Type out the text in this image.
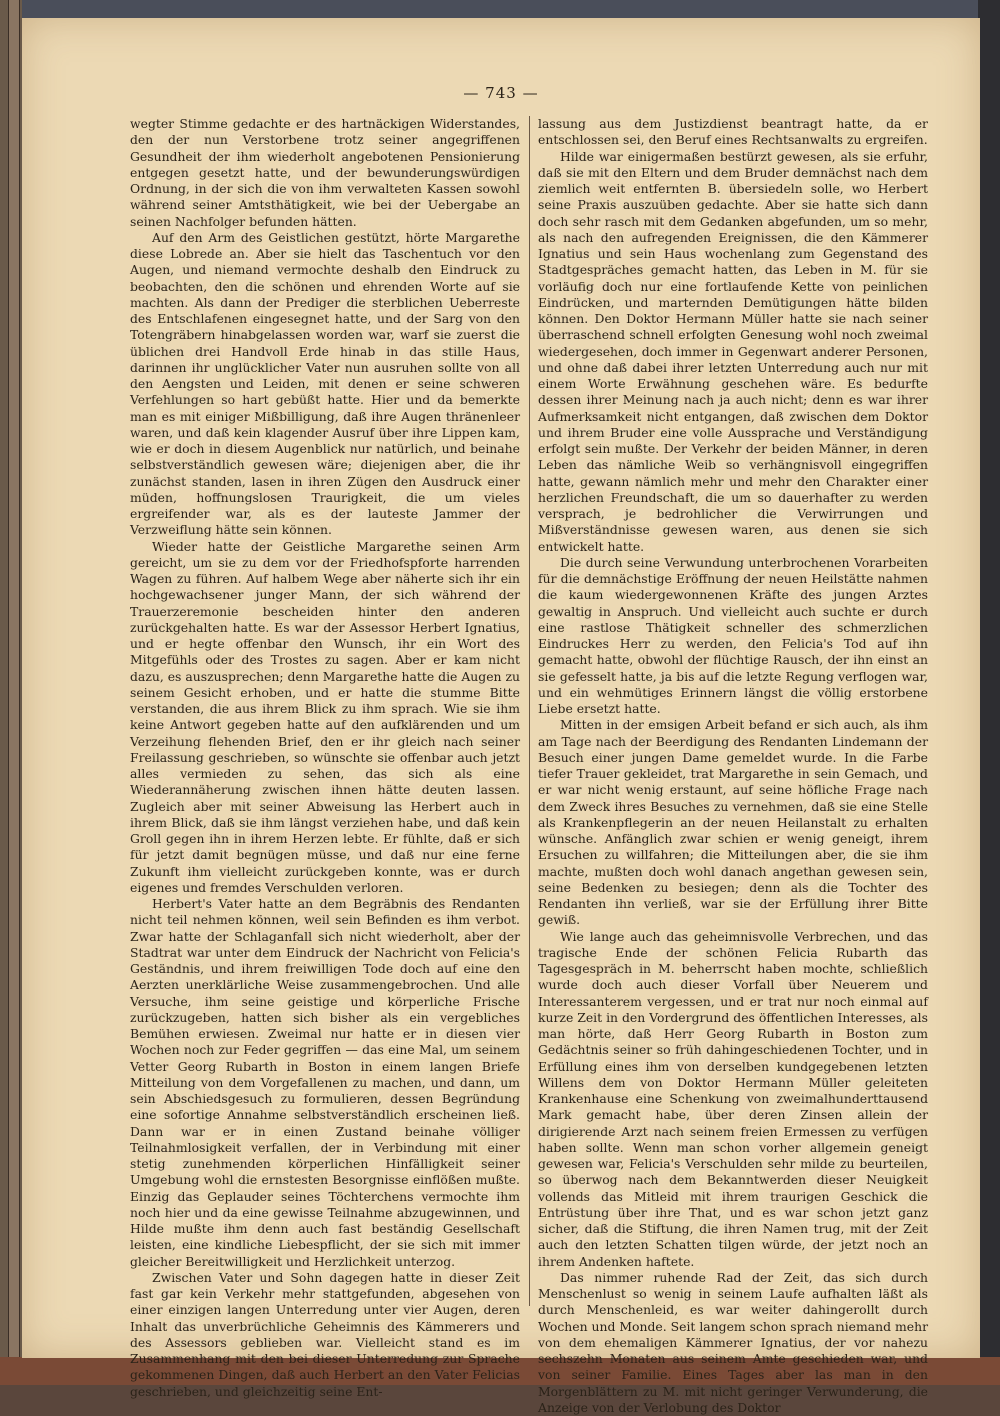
— 743 —

wegter Stimme gedachte er des hartnäckigen Widerstandes, den der nun Verstorbene trotz seiner angegriffenen Gesundheit der ihm wiederholt angebotenen Pensionierung entgegen gesetzt hatte, und der bewunderungswürdigen Ordnung, in der sich die von ihm verwalteten Kassen sowohl während seiner Amtsthätigkeit, wie bei der Uebergabe an seinen Nachfolger befunden hätten.

Auf den Arm des Geistlichen gestützt, hörte Margarethe diese Lobrede an. Aber sie hielt das Taschentuch vor den Augen, und niemand vermochte deshalb den Eindruck zu beobachten, den die schönen und ehrenden Worte auf sie machten. Als dann der Prediger die sterblichen Ueberreste des Entschlafenen eingesegnet hatte, und der Sarg von den Totengräbern hinabgelassen worden war, warf sie zuerst die üblichen drei Handvoll Erde hinab in das stille Haus, darinnen ihr unglücklicher Vater nun ausruhen sollte von all den Aengsten und Leiden, mit denen er seine schweren Verfehlungen so hart gebüßt hatte. Hier und da bemerkte man es mit einiger Mißbilligung, daß ihre Augen thränenleer waren, und daß kein klagender Ausruf über ihre Lippen kam, wie er doch in diesem Augenblick nur natürlich, und beinahe selbstverständlich gewesen wäre; diejenigen aber, die ihr zunächst standen, lasen in ihren Zügen den Ausdruck einer müden, hoffnungslosen Traurigkeit, die um vieles ergreifender war, als es der lauteste Jammer der Verzweiflung hätte sein können.

Wieder hatte der Geistliche Margarethe seinen Arm gereicht, um sie zu dem vor der Friedhofspforte harrenden Wagen zu führen. Auf halbem Wege aber näherte sich ihr ein hochgewachsener junger Mann, der sich während der Trauerzeremonie bescheiden hinter den anderen zurückgehalten hatte. Es war der Assessor Herbert Ignatius, und er hegte offenbar den Wunsch, ihr ein Wort des Mitgefühls oder des Trostes zu sagen. Aber er kam nicht dazu, es auszusprechen; denn Margarethe hatte die Augen zu seinem Gesicht erhoben, und er hatte die stumme Bitte verstanden, die aus ihrem Blick zu ihm sprach. Wie sie ihm keine Antwort gegeben hatte auf den aufklärenden und um Verzeihung flehenden Brief, den er ihr gleich nach seiner Freilassung geschrieben, so wünschte sie offenbar auch jetzt alles vermieden zu sehen, das sich als eine Wiederannäherung zwischen ihnen hätte deuten lassen. Zugleich aber mit seiner Abweisung las Herbert auch in ihrem Blick, daß sie ihm längst verziehen habe, und daß kein Groll gegen ihn in ihrem Herzen lebte. Er fühlte, daß er sich für jetzt damit begnügen müsse, und daß nur eine ferne Zukunft ihm vielleicht zurückgeben konnte, was er durch eigenes und fremdes Verschulden verloren.

Herbert's Vater hatte an dem Begräbnis des Rendanten nicht teil nehmen können, weil sein Befinden es ihm verbot. Zwar hatte der Schlaganfall sich nicht wiederholt, aber der Stadtrat war unter dem Eindruck der Nachricht von Felicia's Geständnis, und ihrem freiwilligen Tode doch auf eine den Aerzten unerklärliche Weise zusammengebrochen. Und alle Versuche, ihm seine geistige und körperliche Frische zurückzugeben, hatten sich bisher als ein vergebliches Bemühen erwiesen. Zweimal nur hatte er in diesen vier Wochen noch zur Feder gegriffen — das eine Mal, um seinem Vetter Georg Rubarth in Boston in einem langen Briefe Mitteilung von dem Vorgefallenen zu machen, und dann, um sein Abschiedsgesuch zu formulieren, dessen Begründung eine sofortige Annahme selbstverständlich erscheinen ließ. Dann war er in einen Zustand beinahe völliger Teilnahmlosigkeit verfallen, der in Verbindung mit einer stetig zunehmenden körperlichen Hinfälligkeit seiner Umgebung wohl die ernstesten Besorgnisse einflößen mußte. Einzig das Geplauder seines Töchterchens vermochte ihm noch hier und da eine gewisse Teilnahme abzugewinnen, und Hilde mußte ihm denn auch fast beständig Gesellschaft leisten, eine kindliche Liebespflicht, der sie sich mit immer gleicher Bereitwilligkeit und Herzlichkeit unterzog.

Zwischen Vater und Sohn dagegen hatte in dieser Zeit fast gar kein Verkehr mehr stattgefunden, abgesehen von einer einzigen langen Unterredung unter vier Augen, deren Inhalt das unverbrüchliche Geheimnis des Kämmerers und des Assessors geblieben war. Vielleicht stand es im Zusammenhang mit den bei dieser Unterredung zur Sprache gekommenen Dingen, daß auch Herbert an den Vater Felicias geschrieben, und gleichzeitig seine Ent-

lassung aus dem Justizdienst beantragt hatte, da er entschlossen sei, den Beruf eines Rechtsanwalts zu ergreifen.

Hilde war einigermaßen bestürzt gewesen, als sie erfuhr, daß sie mit den Eltern und dem Bruder demnächst nach dem ziemlich weit entfernten B. übersiedeln solle, wo Herbert seine Praxis auszuüben gedachte. Aber sie hatte sich dann doch sehr rasch mit dem Gedanken abgefunden, um so mehr, als nach den aufregenden Ereignissen, die den Kämmerer Ignatius und sein Haus wochenlang zum Gegenstand des Stadtgespräches gemacht hatten, das Leben in M. für sie vorläufig doch nur eine fortlaufende Kette von peinlichen Eindrücken, und marternden Demütigungen hätte bilden können. Den Doktor Hermann Müller hatte sie nach seiner überraschend schnell erfolgten Genesung wohl noch zweimal wiedergesehen, doch immer in Gegenwart anderer Personen, und ohne daß dabei ihrer letzten Unterredung auch nur mit einem Worte Erwähnung geschehen wäre. Es bedurfte dessen ihrer Meinung nach ja auch nicht; denn es war ihrer Aufmerksamkeit nicht entgangen, daß zwischen dem Doktor und ihrem Bruder eine volle Aussprache und Verständigung erfolgt sein mußte. Der Verkehr der beiden Männer, in deren Leben das nämliche Weib so verhängnisvoll eingegriffen hatte, gewann nämlich mehr und mehr den Charakter einer herzlichen Freundschaft, die um so dauerhafter zu werden versprach, je bedrohlicher die Verwirrungen und Mißverständnisse gewesen waren, aus denen sie sich entwickelt hatte.

Die durch seine Verwundung unterbrochenen Vorarbeiten für die demnächstige Eröffnung der neuen Heilstätte nahmen die kaum wiedergewonnenen Kräfte des jungen Arztes gewaltig in Anspruch. Und vielleicht auch suchte er durch eine rastlose Thätigkeit schneller des schmerzlichen Eindruckes Herr zu werden, den Felicia's Tod auf ihn gemacht hatte, obwohl der flüchtige Rausch, der ihn einst an sie gefesselt hatte, ja bis auf die letzte Regung verflogen war, und ein wehmütiges Erinnern längst die völlig erstorbene Liebe ersetzt hatte.

Mitten in der emsigen Arbeit befand er sich auch, als ihm am Tage nach der Beerdigung des Rendanten Lindemann der Besuch einer jungen Dame gemeldet wurde. In die Farbe tiefer Trauer gekleidet, trat Margarethe in sein Gemach, und er war nicht wenig erstaunt, auf seine höfliche Frage nach dem Zweck ihres Besuches zu vernehmen, daß sie eine Stelle als Krankenpflegerin an der neuen Heilanstalt zu erhalten wünsche. Anfänglich zwar schien er wenig geneigt, ihrem Ersuchen zu willfahren; die Mitteilungen aber, die sie ihm machte, mußten doch wohl danach angethan gewesen sein, seine Bedenken zu besiegen; denn als die Tochter des Rendanten ihn verließ, war sie der Erfüllung ihrer Bitte gewiß.

Wie lange auch das geheimnisvolle Verbrechen, und das tragische Ende der schönen Felicia Rubarth das Tagesgespräch in M. beherrscht haben mochte, schließlich wurde doch auch dieser Vorfall über Neuerem und Interessanterem vergessen, und er trat nur noch einmal auf kurze Zeit in den Vordergrund des öffentlichen Interesses, als man hörte, daß Herr Georg Rubarth in Boston zum Gedächtnis seiner so früh dahingeschiedenen Tochter, und in Erfüllung eines ihm von derselben kundgegebenen letzten Willens dem von Doktor Hermann Müller geleiteten Krankenhause eine Schenkung von zweimalhunderttausend Mark gemacht habe, über deren Zinsen allein der dirigierende Arzt nach seinem freien Ermessen zu verfügen haben sollte. Wenn man schon vorher allgemein geneigt gewesen war, Felicia's Verschulden sehr milde zu beurteilen, so überwog nach dem Bekanntwerden dieser Neuigkeit vollends das Mitleid mit ihrem traurigen Geschick die Entrüstung über ihre That, und es war schon jetzt ganz sicher, daß die Stiftung, die ihren Namen trug, mit der Zeit auch den letzten Schatten tilgen würde, der jetzt noch an ihrem Andenken haftete.

Das nimmer ruhende Rad der Zeit, das sich durch Menschenlust so wenig in seinem Laufe aufhalten läßt als durch Menschenleid, es war weiter dahingerollt durch Wochen und Monde. Seit langem schon sprach niemand mehr von dem ehemaligen Kämmerer Ignatius, der vor nahezu sechszehn Monaten aus seinem Amte geschieden war, und von seiner Familie. Eines Tages aber las man in den Morgenblättern zu M. mit nicht geringer Verwunderung, die Anzeige von der Verlobung des Doktor
